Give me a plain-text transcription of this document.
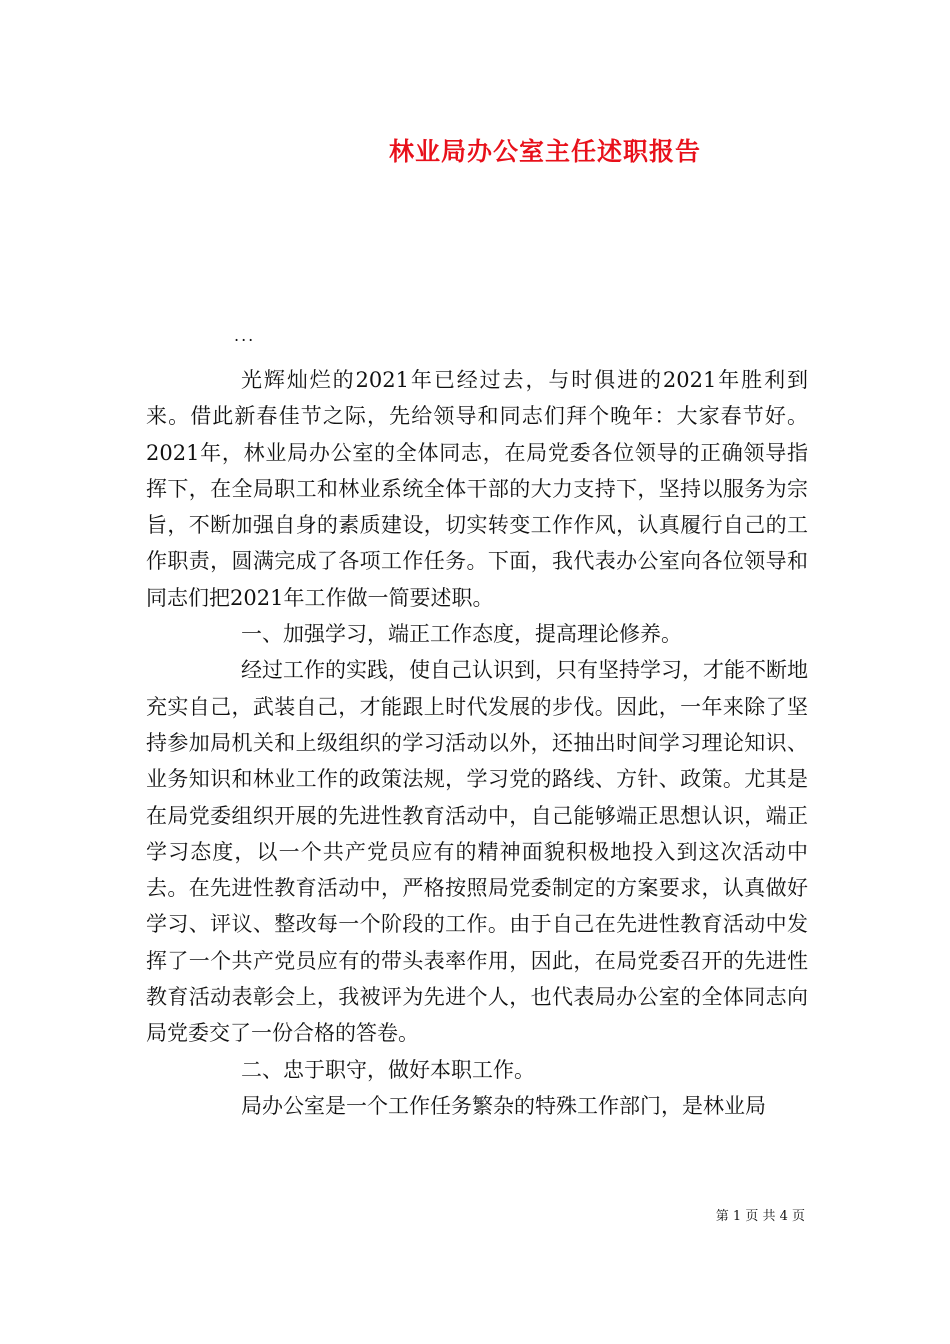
林业局办公室主任述职报告
...

光辉灿烂的2021年已经过去，与时俱进的2021年胜利到来。借此新春佳节之际，先给领导和同志们拜个晚年：大家春节好。2021年，林业局办公室的全体同志，在局党委各位领导的正确领导指挥下，在全局职工和林业系统全体干部的大力支持下，坚持以服务为宗旨，不断加强自身的素质建设，切实转变工作作风，认真履行自己的工作职责，圆满完成了各项工作任务。下面，我代表办公室向各位领导和同志们把2021年工作做一简要述职。

一、加强学习，端正工作态度，提高理论修养。

经过工作的实践，使自己认识到，只有坚持学习，才能不断地充实自己，武装自己，才能跟上时代发展的步伐。因此，一年来除了坚持参加局机关和上级组织的学习活动以外，还抽出时间学习理论知识、业务知识和林业工作的政策法规，学习党的路线、方针、政策。尤其是在局党委组织开展的先进性教育活动中，自己能够端正思想认识，端正学习态度，以一个共产党员应有的精神面貌积极地投入到这次活动中去。在先进性教育活动中，严格按照局党委制定的方案要求，认真做好学习、评议、整改每一个阶段的工作。由于自己在先进性教育活动中发挥了一个共产党员应有的带头表率作用，因此，在局党委召开的先进性教育活动表彰会上，我被评为先进个人，也代表局办公室的全体同志向局党委交了一份合格的答卷。

二、忠于职守，做好本职工作。

局办公室是一个工作任务繁杂的特殊工作部门，是林业局

第 1 页 共 4 页
